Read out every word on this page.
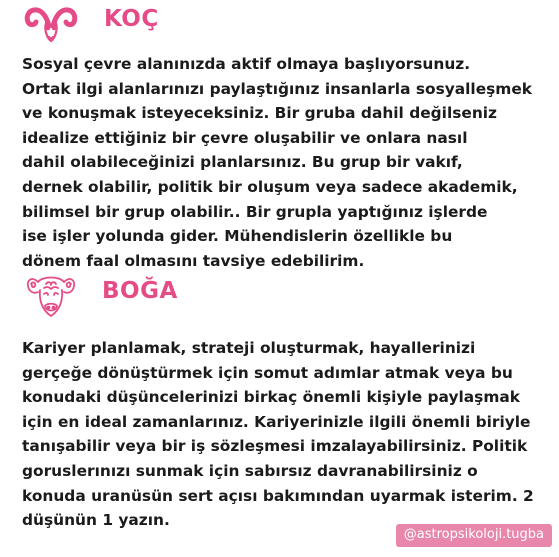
KOÇ

Sosyal çevre alanınızda aktif olmaya başlıyorsunuz.
Ortak ilgi alanlarınızı paylaştığınız insanlarla sosyalleşmek
ve konuşmak isteyeceksiniz. Bir gruba dahil değilseniz
idealize ettiğiniz bir çevre oluşabilir ve onlara nasıl
dahil olabileceğinizi planlarsınız. Bu grup bir vakıf,
dernek olabilir, politik bir oluşum veya sadece akademik,
bilimsel bir grup olabilir.. Bir grupla yaptığınız işlerde
ise işler yolunda gider. Mühendislerin özellikle bu
dönem faal olmasını tavsiye edebilirim.

BOĞA

Kariyer planlamak, strateji oluşturmak, hayallerinizi
gerçeğe dönüştürmek için somut adımlar atmak veya bu
konudaki düşüncelerinizi birkaç önemli kişiyle paylaşmak
için en ideal zamanlarınız. Kariyerinizle ilgili önemli biriyle
tanışabilir veya bir iş sözleşmesi imzalayabilirsiniz. Politik
goruslerınızı sunmak için sabırsız davranabilirsiniz o
konuda uranüsün sert açısı bakımından uyarmak isterim. 2
düşünün 1 yazın.

@astropsikoloji.tugba
